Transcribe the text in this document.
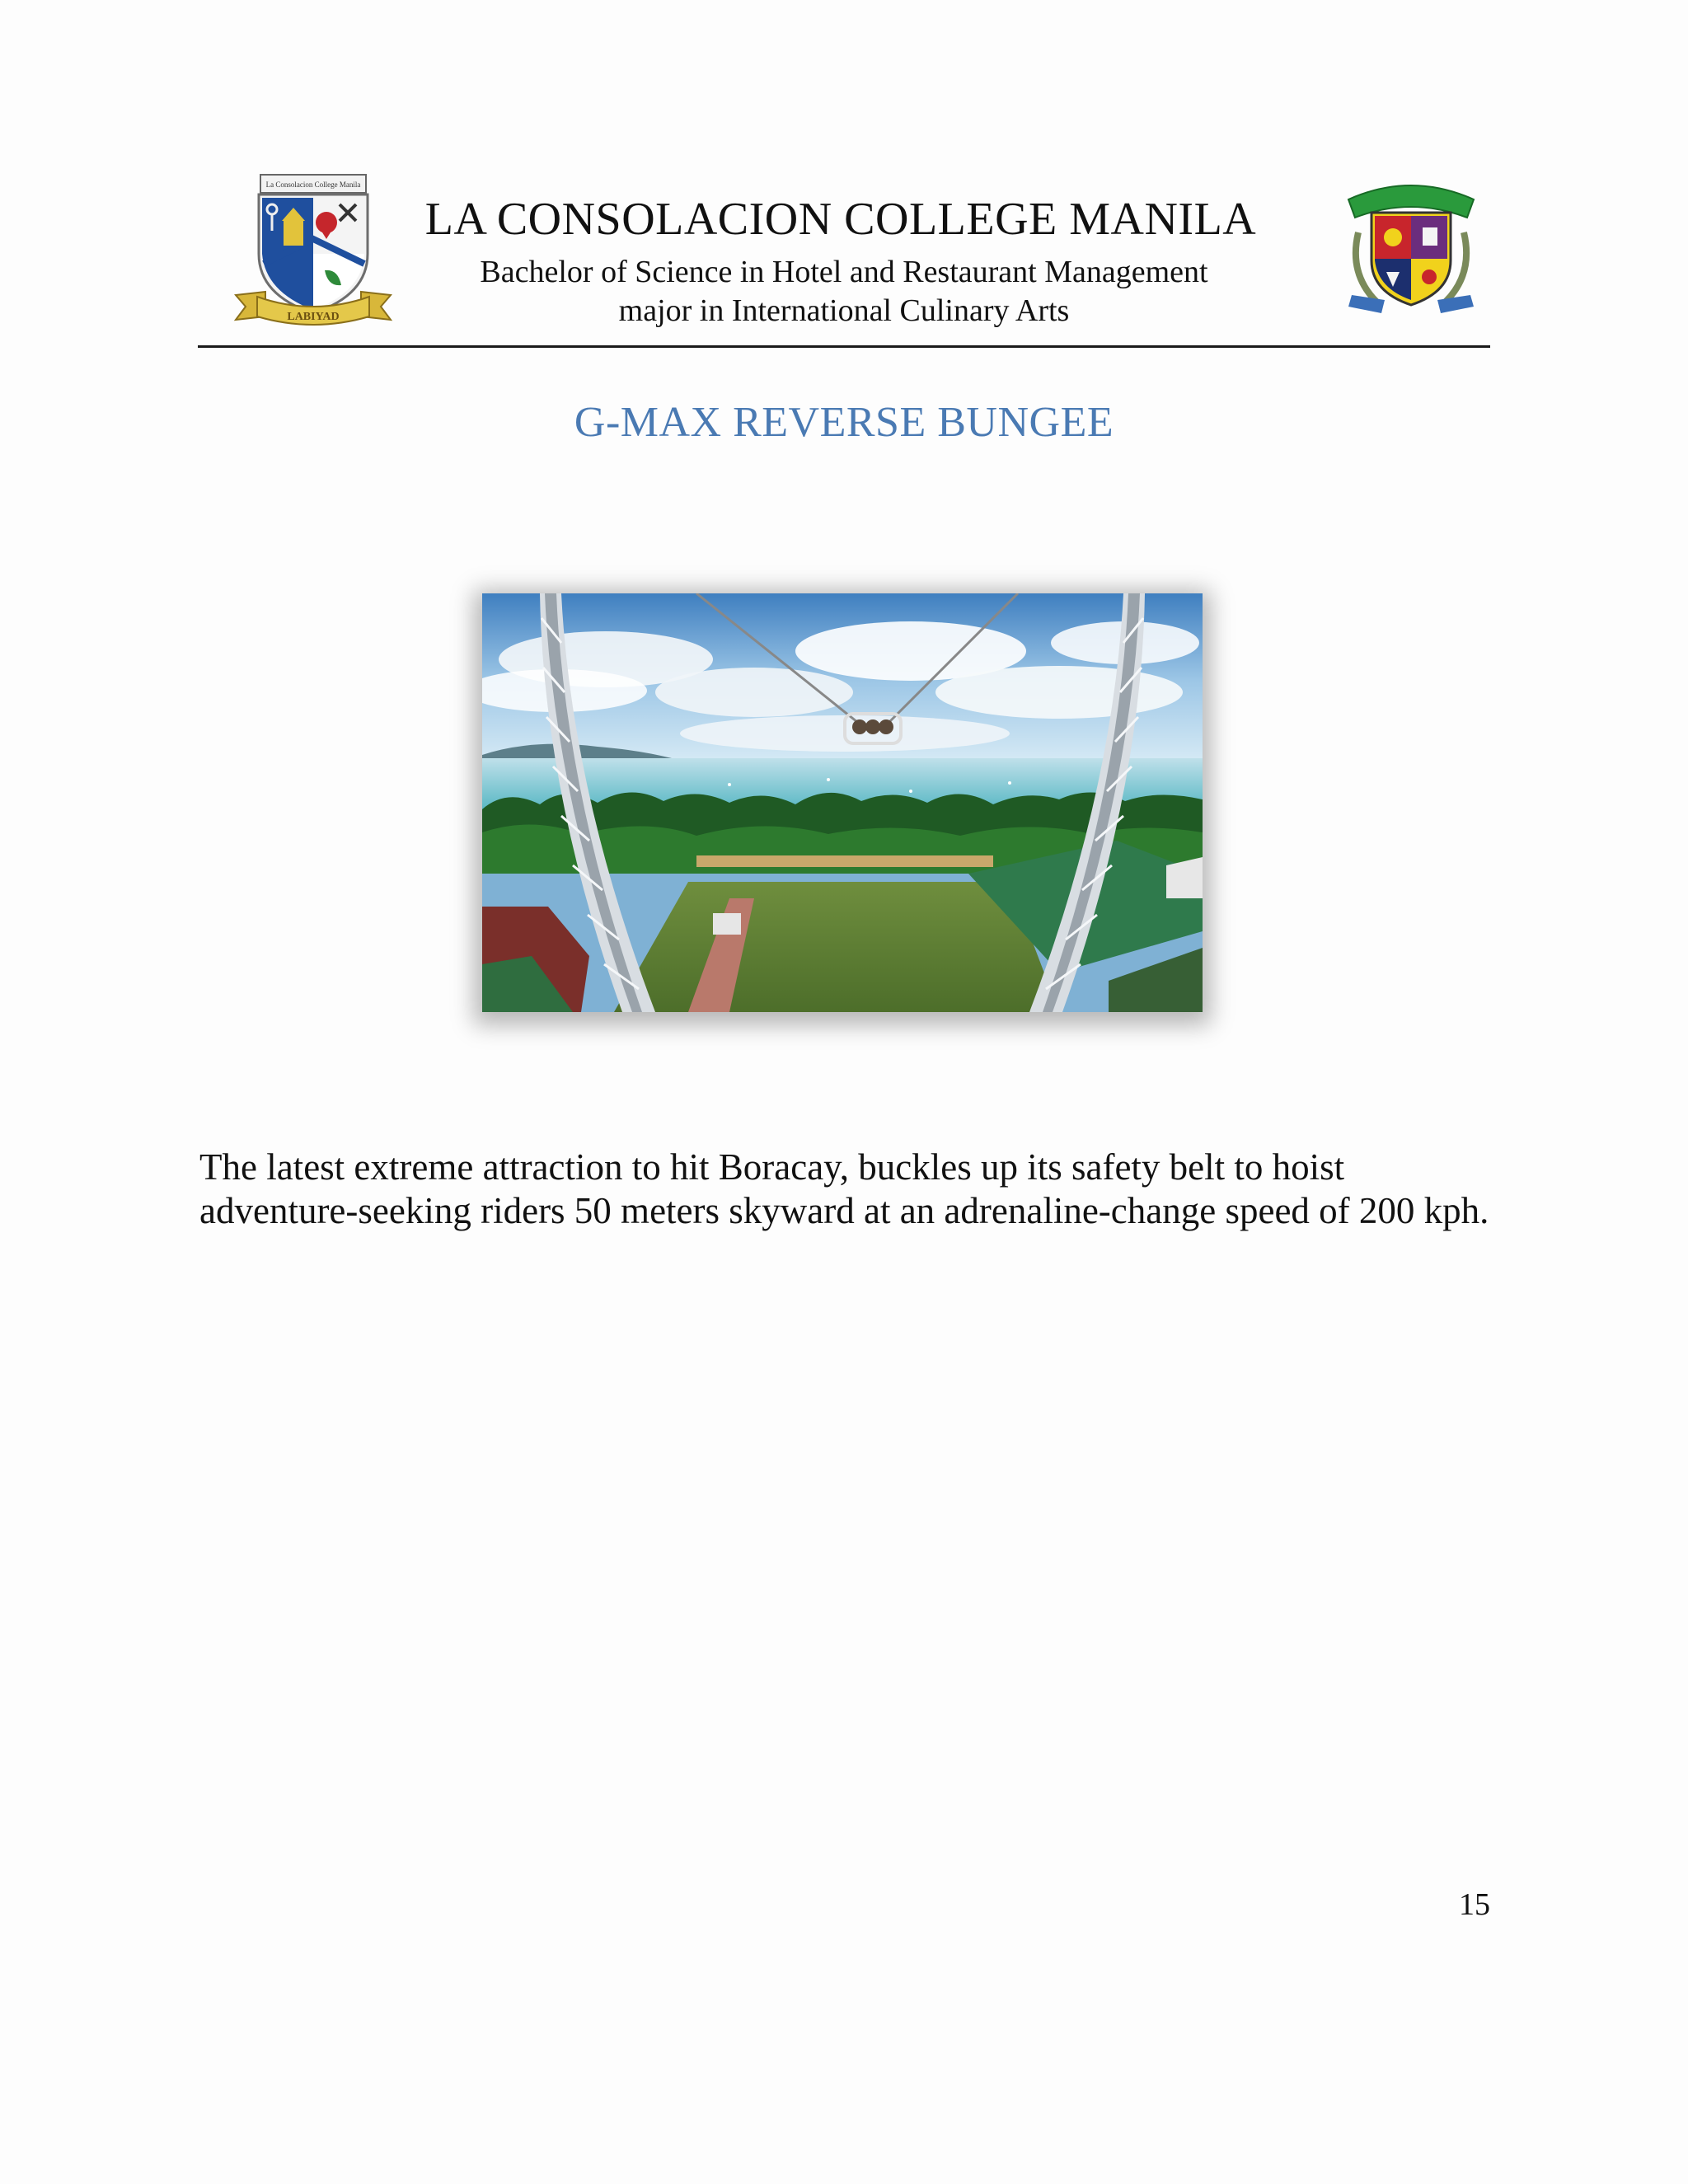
La Consolacion College Manila
LABIYAD
LA CONSOLACION COLLEGE MANILA
Bachelor of Science in Hotel and Restaurant Management
major in International Culinary Arts
G-MAX REVERSE BUNGEE
The latest extreme attraction to hit Boracay, buckles up its safety belt to hoist adventure-seeking riders 50 meters skyward at an adrenaline-change speed of 200 kph.
15
